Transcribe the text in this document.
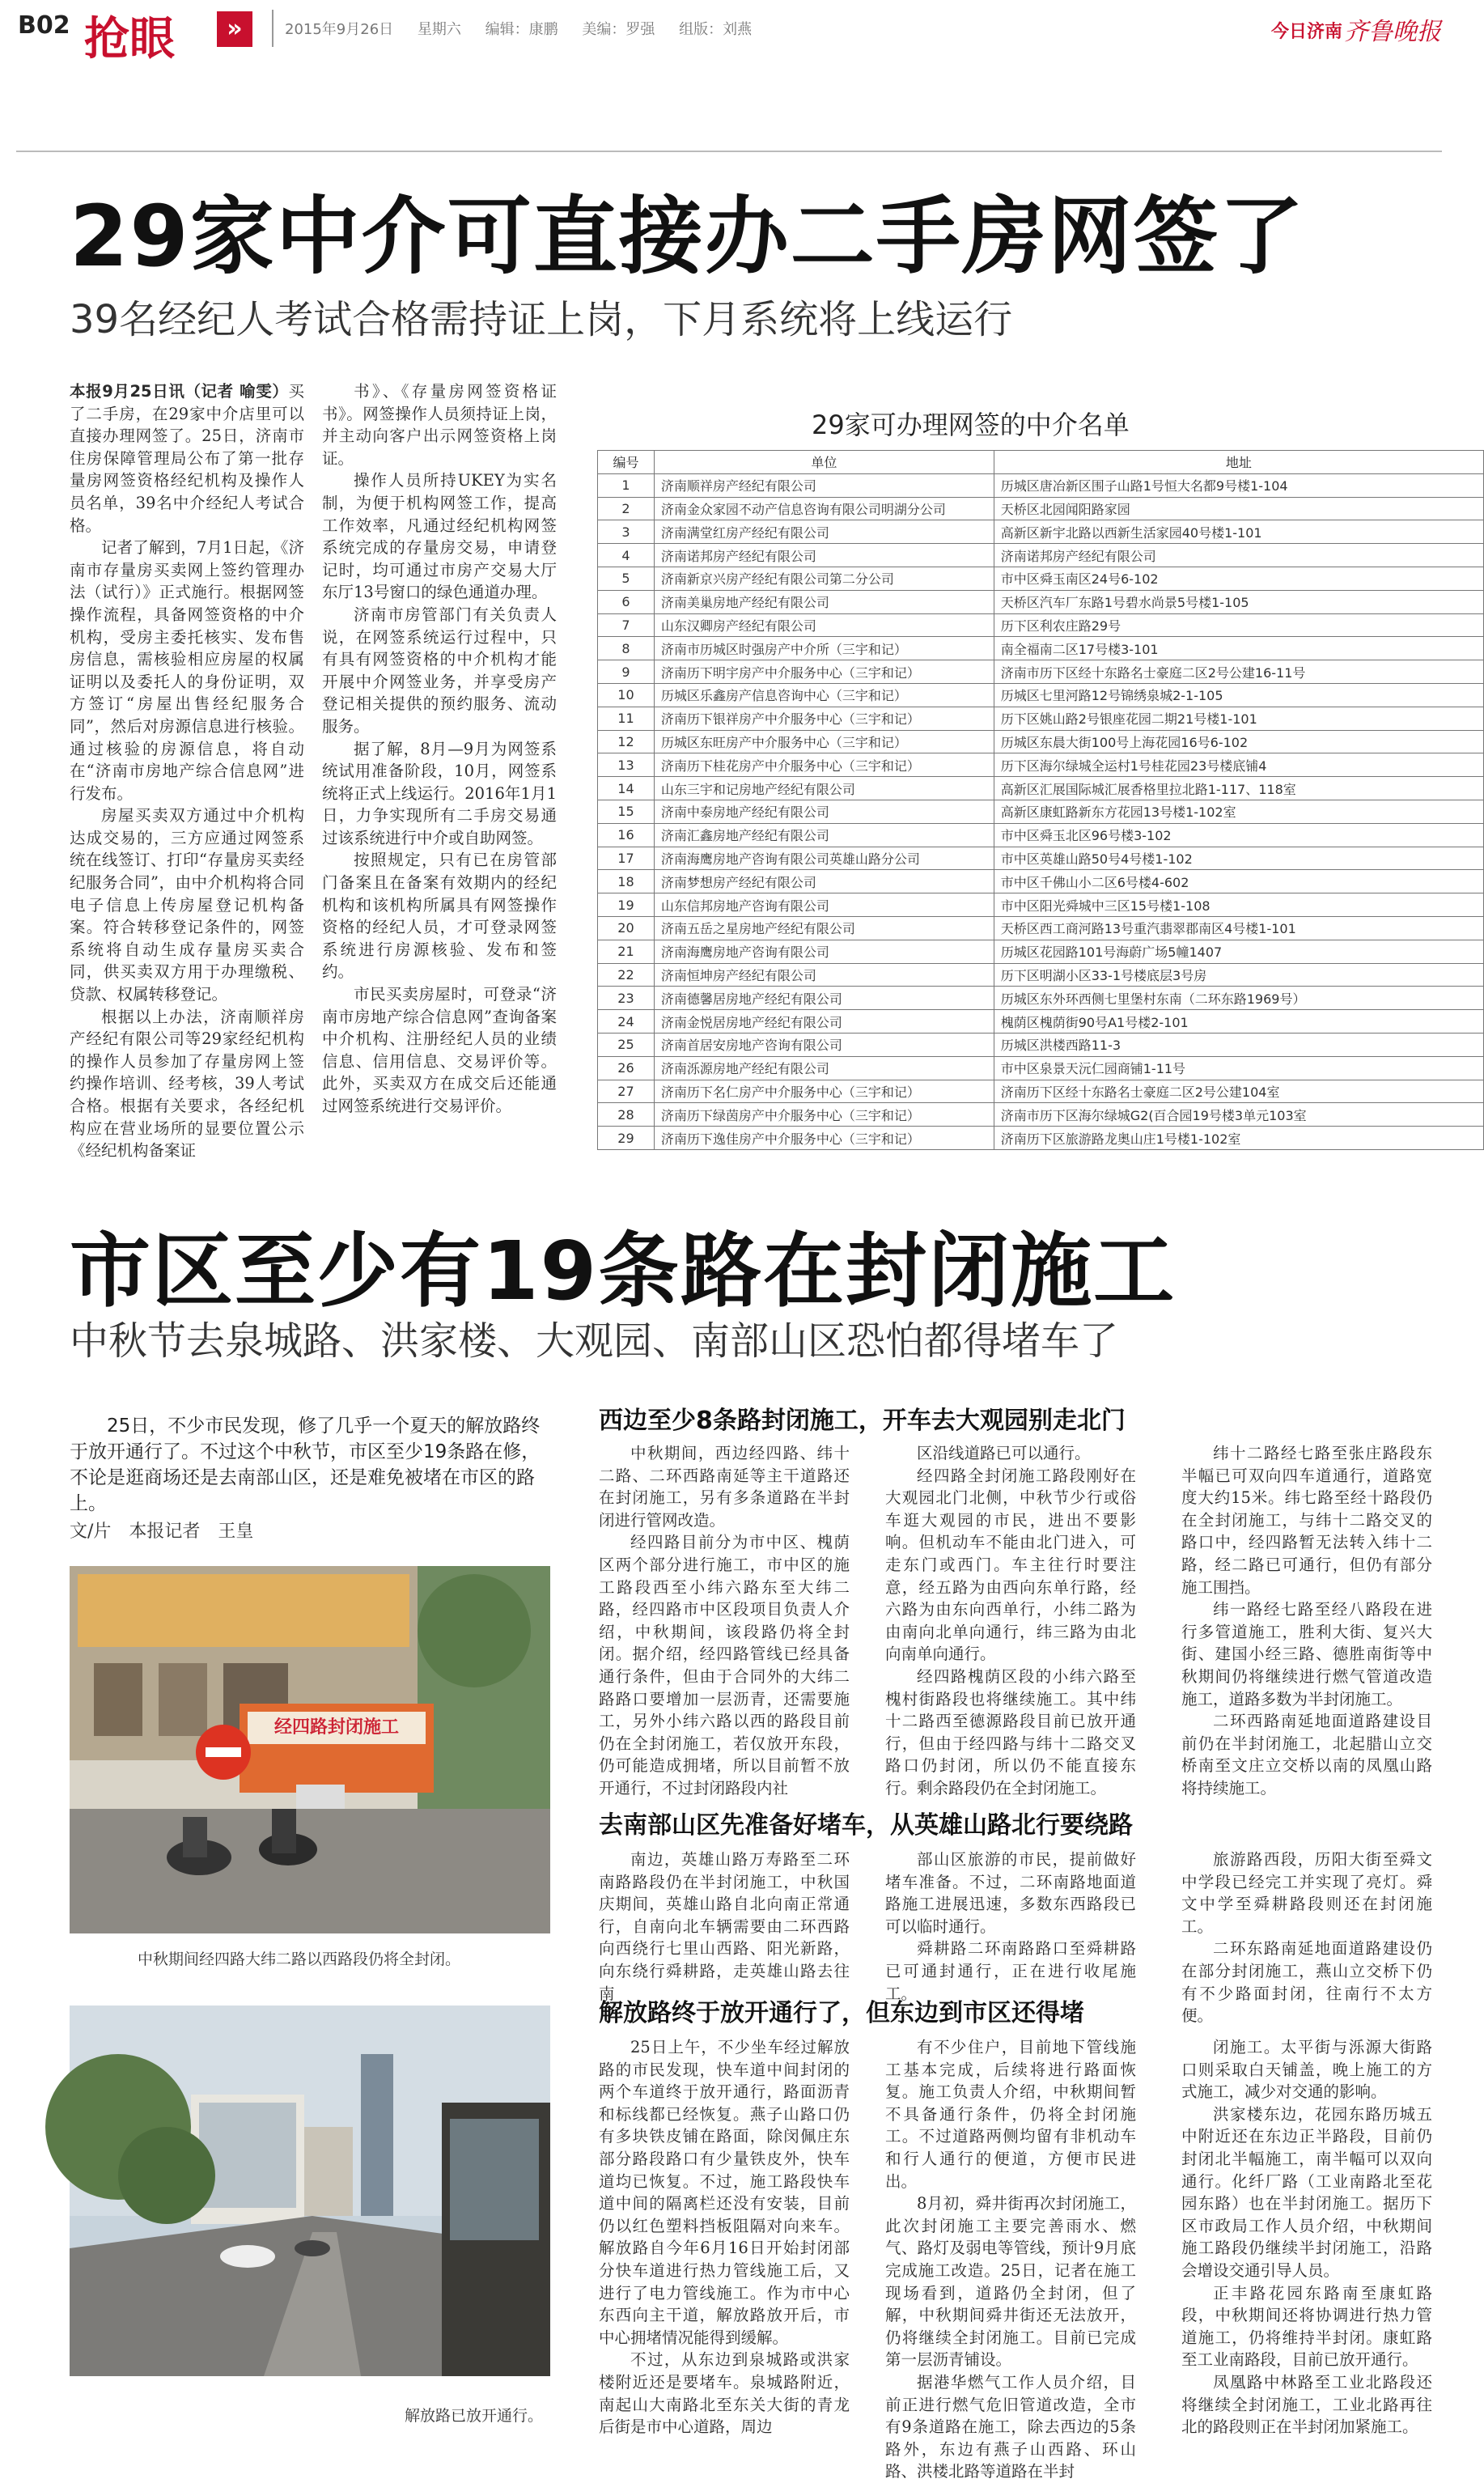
B02 抢眼	»	2015年9月26日 星期六 编辑：康鹏 美编：罗强 组版：刘燕	今日济南 齐鲁晚报
29家中介可直接办二手房网签了
39名经纪人考试合格需持证上岗，下月系统将上线运行

本报9月25日讯（记者 喻雯）买了二手房，在29家中介店里可以直接办理网签了。25日，济南市住房保障管理局公布了第一批存量房网签资格经纪机构及操作人员名单，39名中介经纪人考试合格。

记者了解到，7月1日起，《济南市存量房买卖网上签约管理办法（试行）》正式施行。根据网签操作流程，具备网签资格的中介机构，受房主委托核实、发布售房信息，需核验相应房屋的权属证明以及委托人的身份证明，双方签订“房屋出售经纪服务合同”，然后对房源信息进行核验。通过核验的房源信息，将自动在“济南市房地产综合信息网”进行发布。

房屋买卖双方通过中介机构达成交易的，三方应通过网签系统在线签订、打印“存量房买卖经纪服务合同”，由中介机构将合同电子信息上传房屋登记机构备案。符合转移登记条件的，网签系统将自动生成存量房买卖合同，供买卖双方用于办理缴税、贷款、权属转移登记。

根据以上办法，济南顺祥房产经纪有限公司等29家经纪机构的操作人员参加了存量房网上签约操作培训、经考核，39人考试合格。根据有关要求，各经纪机构应在营业场所的显要位置公示《经纪机构备案证

书》、《存量房网签资格证书》。网签操作人员须持证上岗，并主动向客户出示网签资格上岗证。

操作人员所持UKEY为实名制，为便于机构网签工作，提高工作效率，凡通过经纪机构网签系统完成的存量房交易，申请登记时，均可通过市房产交易大厅东厅13号窗口的绿色通道办理。

济南市房管部门有关负责人说，在网签系统运行过程中，只有具有网签资格的中介机构才能开展中介网签业务，并享受房产登记相关提供的预约服务、流动服务。

据了解，8月—9月为网签系统试用准备阶段，10月，网签系统将正式上线运行。2016年1月1日，力争实现所有二手房交易通过该系统进行中介或自助网签。

按照规定，只有已在房管部门备案且在备案有效期内的经纪机构和该机构所属具有网签操作资格的经纪人员，才可登录网签系统进行房源核验、发布和签约。

市民买卖房屋时，可登录“济南市房地产综合信息网”查询备案中介机构、注册经纪人员的业绩信息、信用信息、交易评价等。此外，买卖双方在成交后还能通过网签系统进行交易评价。

29家可办理网签的中介名单
编号	单位	地址
1	济南顺祥房产经纪有限公司	历城区唐冶新区围子山路1号恒大名都9号楼1-104
2	济南金众家园不动产信息咨询有限公司明湖分公司	天桥区北园闻阳路家园
3	济南满堂红房产经纪有限公司	高新区新宇北路以西新生活家园40号楼1-101
4	济南诺邦房产经纪有限公司	济南诺邦房产经纪有限公司
5	济南新京兴房产经纪有限公司第二分公司	市中区舜玉南区24号6-102
6	济南美巢房地产经纪有限公司	天桥区汽车厂东路1号碧水尚景5号楼1-105
7	山东汉卿房产经纪有限公司	历下区利农庄路29号
8	济南市历城区时强房产中介所（三宇和记）	南全福南二区17号楼3-101
9	济南历下明宇房产中介服务中心（三宇和记）	济南市历下区经十东路名士豪庭二区2号公建16-11号
10	历城区乐鑫房产信息咨询中心（三宇和记）	历城区七里河路12号锦绣泉城2-1-105
11	济南历下银祥房产中介服务中心（三宇和记）	历下区姚山路2号银座花园二期21号楼1-101
12	历城区东旺房产中介服务中心（三宇和记）	历城区东晨大街100号上海花园16号6-102
13	济南历下桂花房产中介服务中心（三宇和记）	历下区海尔绿城全运村1号桂花园23号楼底铺4
14	山东三宇和记房地产经纪有限公司	高新区汇展国际城汇展香格里拉北路1-117、118室
15	济南中泰房地产经纪有限公司	高新区康虹路新东方花园13号楼1-102室
16	济南汇鑫房地产经纪有限公司	市中区舜玉北区96号楼3-102
17	济南海鹰房地产咨询有限公司英雄山路分公司	市中区英雄山路50号4号楼1-102
18	济南梦想房产经纪有限公司	市中区千佛山小二区6号楼4-602
19	山东信邦房地产咨询有限公司	市中区阳光舜城中三区15号楼1-108
20	济南五岳之星房地产经纪有限公司	天桥区西工商河路13号重汽翡翠郡南区4号楼1-101
21	济南海鹰房地产咨询有限公司	历城区花园路101号海蔚广场5幢1407
22	济南恒坤房产经纪有限公司	历下区明湖小区33-1号楼底层3号房
23	济南德馨居房地产经纪有限公司	历城区东外环西侧七里堡村东南（二环东路1969号）
24	济南金悦居房地产经纪有限公司	槐荫区槐荫街90号A1号楼2-101
25	济南首居安房地产咨询有限公司	历城区洪楼西路11-3
26	济南泺源房地产经纪有限公司	市中区泉景天沅仁园商铺1-11号
27	济南历下名仁房产中介服务中心（三宇和记）	济南历下区经十东路名士豪庭二区2号公建104室
28	济南历下绿茵房产中介服务中心（三宇和记）	济南市历下区海尔绿城G2(百合园19号楼3单元103室
29	济南历下逸佳房产中介服务中心（三宇和记）	济南历下区旅游路龙奥山庄1号楼1-102室
市区至少有19条路在封闭施工
中秋节去泉城路、洪家楼、大观园、南部山区恐怕都得堵车了

25日，不少市民发现，修了几乎一个夏天的解放路终于放开通行了。不过这个中秋节，市区至少19条路在修，不论是逛商场还是去南部山区，还是难免被堵在市区的路上。

文/片　本报记者　王皇
经四路封闭施工
中秋期间经四路大纬二路以西路段仍将全封闭。
解放路已放开通行。
西边至少8条路封闭施工，开车去大观园别走北门

中秋期间，西边经四路、纬十二路、二环西路南延等主干道路还在封闭施工，另有多条道路在半封闭进行管网改造。

经四路目前分为市中区、槐荫区两个部分进行施工，市中区的施工路段西至小纬六路东至大纬二路，经四路市中区段项目负责人介绍，中秋期间，该段路仍将全封闭。据介绍，经四路管线已经具备通行条件，但由于合同外的大纬二路路口要增加一层沥青，还需要施工，另外小纬六路以西的路段目前仍在全封闭施工，若仅放开东段，仍可能造成拥堵，所以目前暂不放开通行，不过封闭路段内社

区沿线道路已可以通行。

经四路全封闭施工路段刚好在大观园北门北侧，中秋节少行或俗车逛大观园的市民，进出不要影响。但机动车不能由北门进入，可走东门或西门。车主往行时要注意，经五路为由西向东单行路，经六路为由东向西单行，小纬二路为由南向北单向通行，纬三路为由北向南单向通行。

经四路槐荫区段的小纬六路至槐村街路段也将继续施工。其中纬十二路西至德源路段目前已放开通行，但由于经四路与纬十二路交叉路口仍封闭，所以仍不能直接东行。剩余路段仍在全封闭施工。

纬十二路经七路至张庄路段东半幅已可双向四车道通行，道路宽度大约15米。纬七路至经十路段仍在全封闭施工，与纬十二路交叉的路口中，经四路暂无法转入纬十二路，经二路已可通行，但仍有部分施工围挡。

纬一路经七路至经八路段在进行多管道施工，胜利大街、复兴大街、建国小经三路、德胜南街等中秋期间仍将继续进行燃气管道改造施工，道路多数为半封闭施工。

二环西路南延地面道路建设目前仍在半封闭施工，北起腊山立交桥南至文庄立交桥以南的凤凰山路将持续施工。

去南部山区先准备好堵车，从英雄山路北行要绕路

南边，英雄山路万寿路至二环南路路段仍在半封闭施工，中秋国庆期间，英雄山路自北向南正常通行，自南向北车辆需要由二环西路向西绕行七里山西路、阳光新路，向东绕行舜耕路，走英雄山路去往南

部山区旅游的市民，提前做好堵车准备。不过，二环南路地面道路施工进展迅速，多数东西路段已可以临时通行。

舜耕路二环南路路口至舜耕路已可通封通行，正在进行收尾施工。

旅游路西段，历阳大街至舜文中学段已经完工并实现了亮灯。舜文中学至舜耕路段则还在封闭施工。

二环东路南延地面道路建设仍在部分封闭施工，燕山立交桥下仍有不少路面封闭，往南行不太方便。

解放路终于放开通行了，但东边到市区还得堵

25日上午，不少坐车经过解放路的市民发现，快车道中间封闭的两个车道终于放开通行，路面沥青和标线都已经恢复。燕子山路口仍有多块铁皮铺在路面，除闵佩庄东部分路段路口有少量铁皮外，快车道均已恢复。不过，施工路段快车道中间的隔离栏还没有安装，目前仍以红色塑料挡板阻隔对向来车。解放路自今年6月16日开始封闭部分快车道进行热力管线施工后，又进行了电力管线施工。作为市中心东西向主干道，解放路放开后，市中心拥堵情况能得到缓解。

不过，从东边到泉城路或洪家楼附近还是要堵车。泉城路附近，南起山大南路北至东关大街的青龙后街是市中心道路，周边

有不少住户，目前地下管线施工基本完成，后续将进行路面恢复。施工负责人介绍，中秋期间暂不具备通行条件，仍将全封闭施工。不过道路两侧均留有非机动车和行人通行的便道，方便市民进出。

8月初，舜井街再次封闭施工，此次封闭施工主要完善雨水、燃气、路灯及弱电等管线，预计9月底完成施工改造。25日，记者在施工现场看到，道路仍全封闭，但了解，中秋期间舜井街还无法放开，仍将继续全封闭施工。目前已完成第一层沥青铺设。

据港华燃气工作人员介绍，目前正进行燃气危旧管道改造，全市有9条道路在施工，除去西边的5条路外，东边有燕子山西路、环山路、洪楼北路等道路在半封

闭施工。太平街与泺源大街路口则采取白天铺盖，晚上施工的方式施工，减少对交通的影响。

洪家楼东边，花园东路历城五中附近还在东边正半路段，目前仍封闭北半幅施工，南半幅可以双向通行。化纤厂路（工业南路北至花园东路）也在半封闭施工。据历下区市政局工作人员介绍，中秋期间施工路段仍继续半封闭施工，沿路会增设交通引导人员。

正丰路花园东路南至康虹路段，中秋期间还将协调进行热力管道施工，仍将维持半封闭。康虹路至工业南路段，目前已放开通行。

凤凰路中林路至工业北路段还将继续全封闭施工，工业北路再往北的路段则正在半封闭加紧施工。
